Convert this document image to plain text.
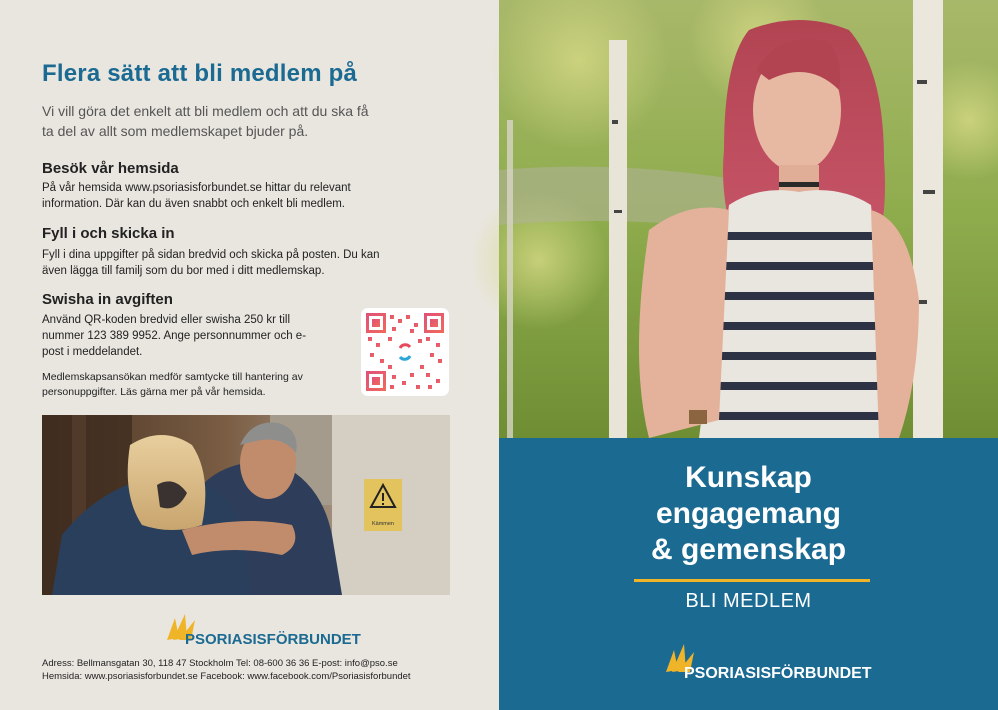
Flera sätt att bli medlem på

Vi vill göra det enkelt att bli medlem och att du ska få ta del av allt som medlemskapet bjuder på.

Besök vår hemsida

På vår hemsida www.psoriasisforbundet.se hittar du relevant information. Där kan du även snabbt och enkelt bli medlem.

Fyll i och skicka in

Fyll i dina uppgifter på sidan bredvid och skicka på posten. Du kan även lägga till familj som du bor med i ditt medlemskap.

Swisha in avgiften

Använd QR-koden bredvid eller swisha 250 kr till nummer 123 389 9952. Ange personnummer och e-post i meddelandet.

Medlemskapsansökan medför samtycke till hantering av personuppgifter. Läs gärna mer på vår hemsida.

Kämmen
PSORIASISFÖRBUNDET

Adress: Bellmansgatan 30, 118 47 Stockholm Tel: 08-600 36 36 E-post: info@pso.se
Hemsida: www.psoriasisforbundet.se Facebook: www.facebook.com/Psoriasisforbundet

Kunskap
engagemang
& gemenskap

BLI MEDLEM

PSORIASISFÖRBUNDET
